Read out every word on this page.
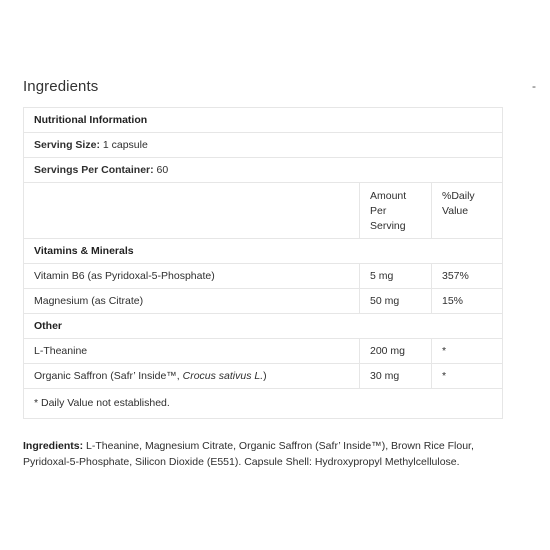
Ingredients	-
Nutritional Information		
Serving Size: 1 capsule		
Servings Per Container: 60		
	Amount Per Serving	%Daily Value
Vitamins & Minerals		
Vitamin B6 (as Pyridoxal-5-Phosphate)	5 mg	357%
Magnesium (as Citrate)	50 mg	15%
Other		
L-Theanine	200 mg	*
Organic Saffron (Safr’ Inside™, Crocus sativus L.)	30 mg	*
* Daily Value not established.		
Ingredients: L-Theanine, Magnesium Citrate, Organic Saffron (Safr’ Inside™), Brown Rice Flour, Pyridoxal-5-Phosphate, Silicon Dioxide (E551). Capsule Shell: Hydroxypropyl Methylcellulose.
